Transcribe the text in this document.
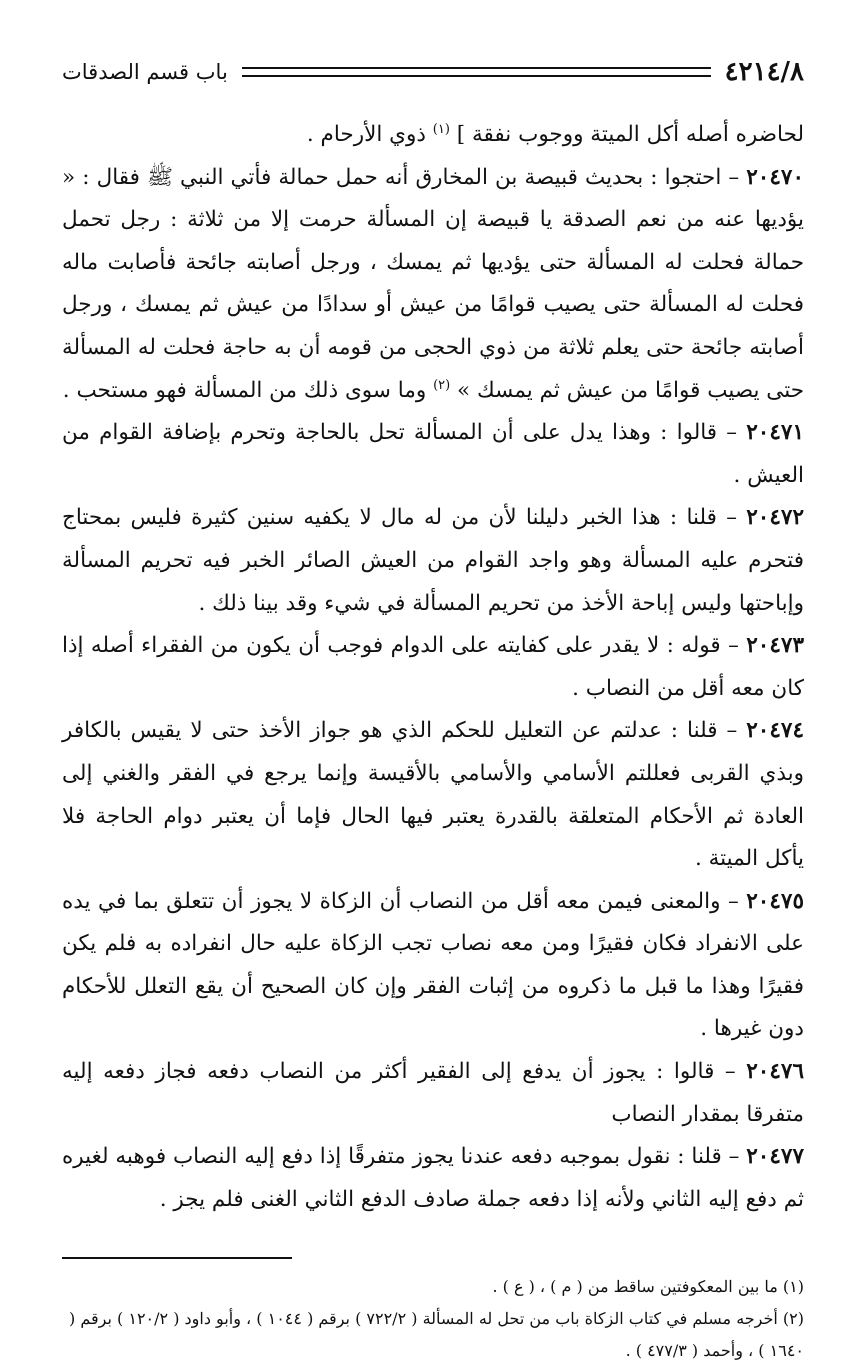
٤٢١٤/٨
باب قسم الصدقات

لحاضره أصله أكل الميتة ووجوب نفقة ] $^{(١)}$ ذوي الأرحام .

٢٠٤٧٠ – احتجوا : بحديث قبيصة بن المخارق أنه حمل حمالة فأتي النبي ﷺ فقال : « يؤديها عنه من نعم الصدقة يا قبيصة إن المسألة حرمت إلا من ثلاثة : رجل تحمل حمالة فحلت له المسألة حتى يؤديها ثم يمسك ، ورجل أصابته جائحة فأصابت ماله فحلت له المسألة حتى يصيب قوامًا من عيش أو سدادًا من عيش ثم يمسك ، ورجل أصابته جائحة حتى يعلم ثلاثة من ذوي الحجى من قومه أن به حاجة فحلت له المسألة حتى يصيب قوامًا من عيش ثم يمسك » $^{(٢)}$ وما سوى ذلك من المسألة فهو مستحب .

٢٠٤٧١ – قالوا : وهذا يدل على أن المسألة تحل بالحاجة وتحرم بإضافة القوام من العيش .

٢٠٤٧٢ – قلنا : هذا الخبر دليلنا لأن من له مال لا يكفيه سنين كثيرة فليس بمحتاج فتحرم عليه المسألة وهو واجد القوام من العيش الصائر الخبر فيه تحريم المسألة وإباحتها وليس إباحة الأخذ من تحريم المسألة في شيء وقد بينا ذلك .

٢٠٤٧٣ – قوله : لا يقدر على كفايته على الدوام فوجب أن يكون من الفقراء أصله إذا كان معه أقل من النصاب .

٢٠٤٧٤ – قلنا : عدلتم عن التعليل للحكم الذي هو جواز الأخذ حتى لا يقيس بالكافر وبذي القربى فعللتم الأسامي والأسامي بالأقيسة وإنما يرجع في الفقر والغني إلى العادة ثم الأحكام المتعلقة بالقدرة يعتبر فيها الحال فإما أن يعتبر دوام الحاجة فلا يأكل الميتة .

٢٠٤٧٥ – والمعنى فيمن معه أقل من النصاب أن الزكاة لا يجوز أن تتعلق بما في يده على الانفراد فكان فقيرًا ومن معه نصاب تجب الزكاة عليه حال انفراده به فلم يكن فقيرًا وهذا ما قبل ما ذكروه من إثبات الفقر وإن كان الصحيح أن يقع التعلل للأحكام دون غيرها .

٢٠٤٧٦ – قالوا : يجوز أن يدفع إلى الفقير أكثر من النصاب دفعه فجاز دفعه إليه متفرقا بمقدار النصاب

٢٠٤٧٧ – قلنا : نقول بموجبه دفعه عندنا يجوز متفرقًا إذا دفع إليه النصاب فوهبه لغيره ثم دفع إليه الثاني ولأنه إذا دفعه جملة صادف الدفع الثاني الغنى فلم يجز .

(١) ما بين المعكوفتين ساقط من ( م ) ، ( ع ) .

(٢) أخرجه مسلم في كتاب الزكاة باب من تحل له المسألة ( ٧٢٢/٢ ) برقم ( ١٠٤٤ ) ، وأبو داود ( ١٢٠/٢ ) برقم ( ١٦٤٠ ) ، وأحمد ( ٤٧٧/٣ ) .
